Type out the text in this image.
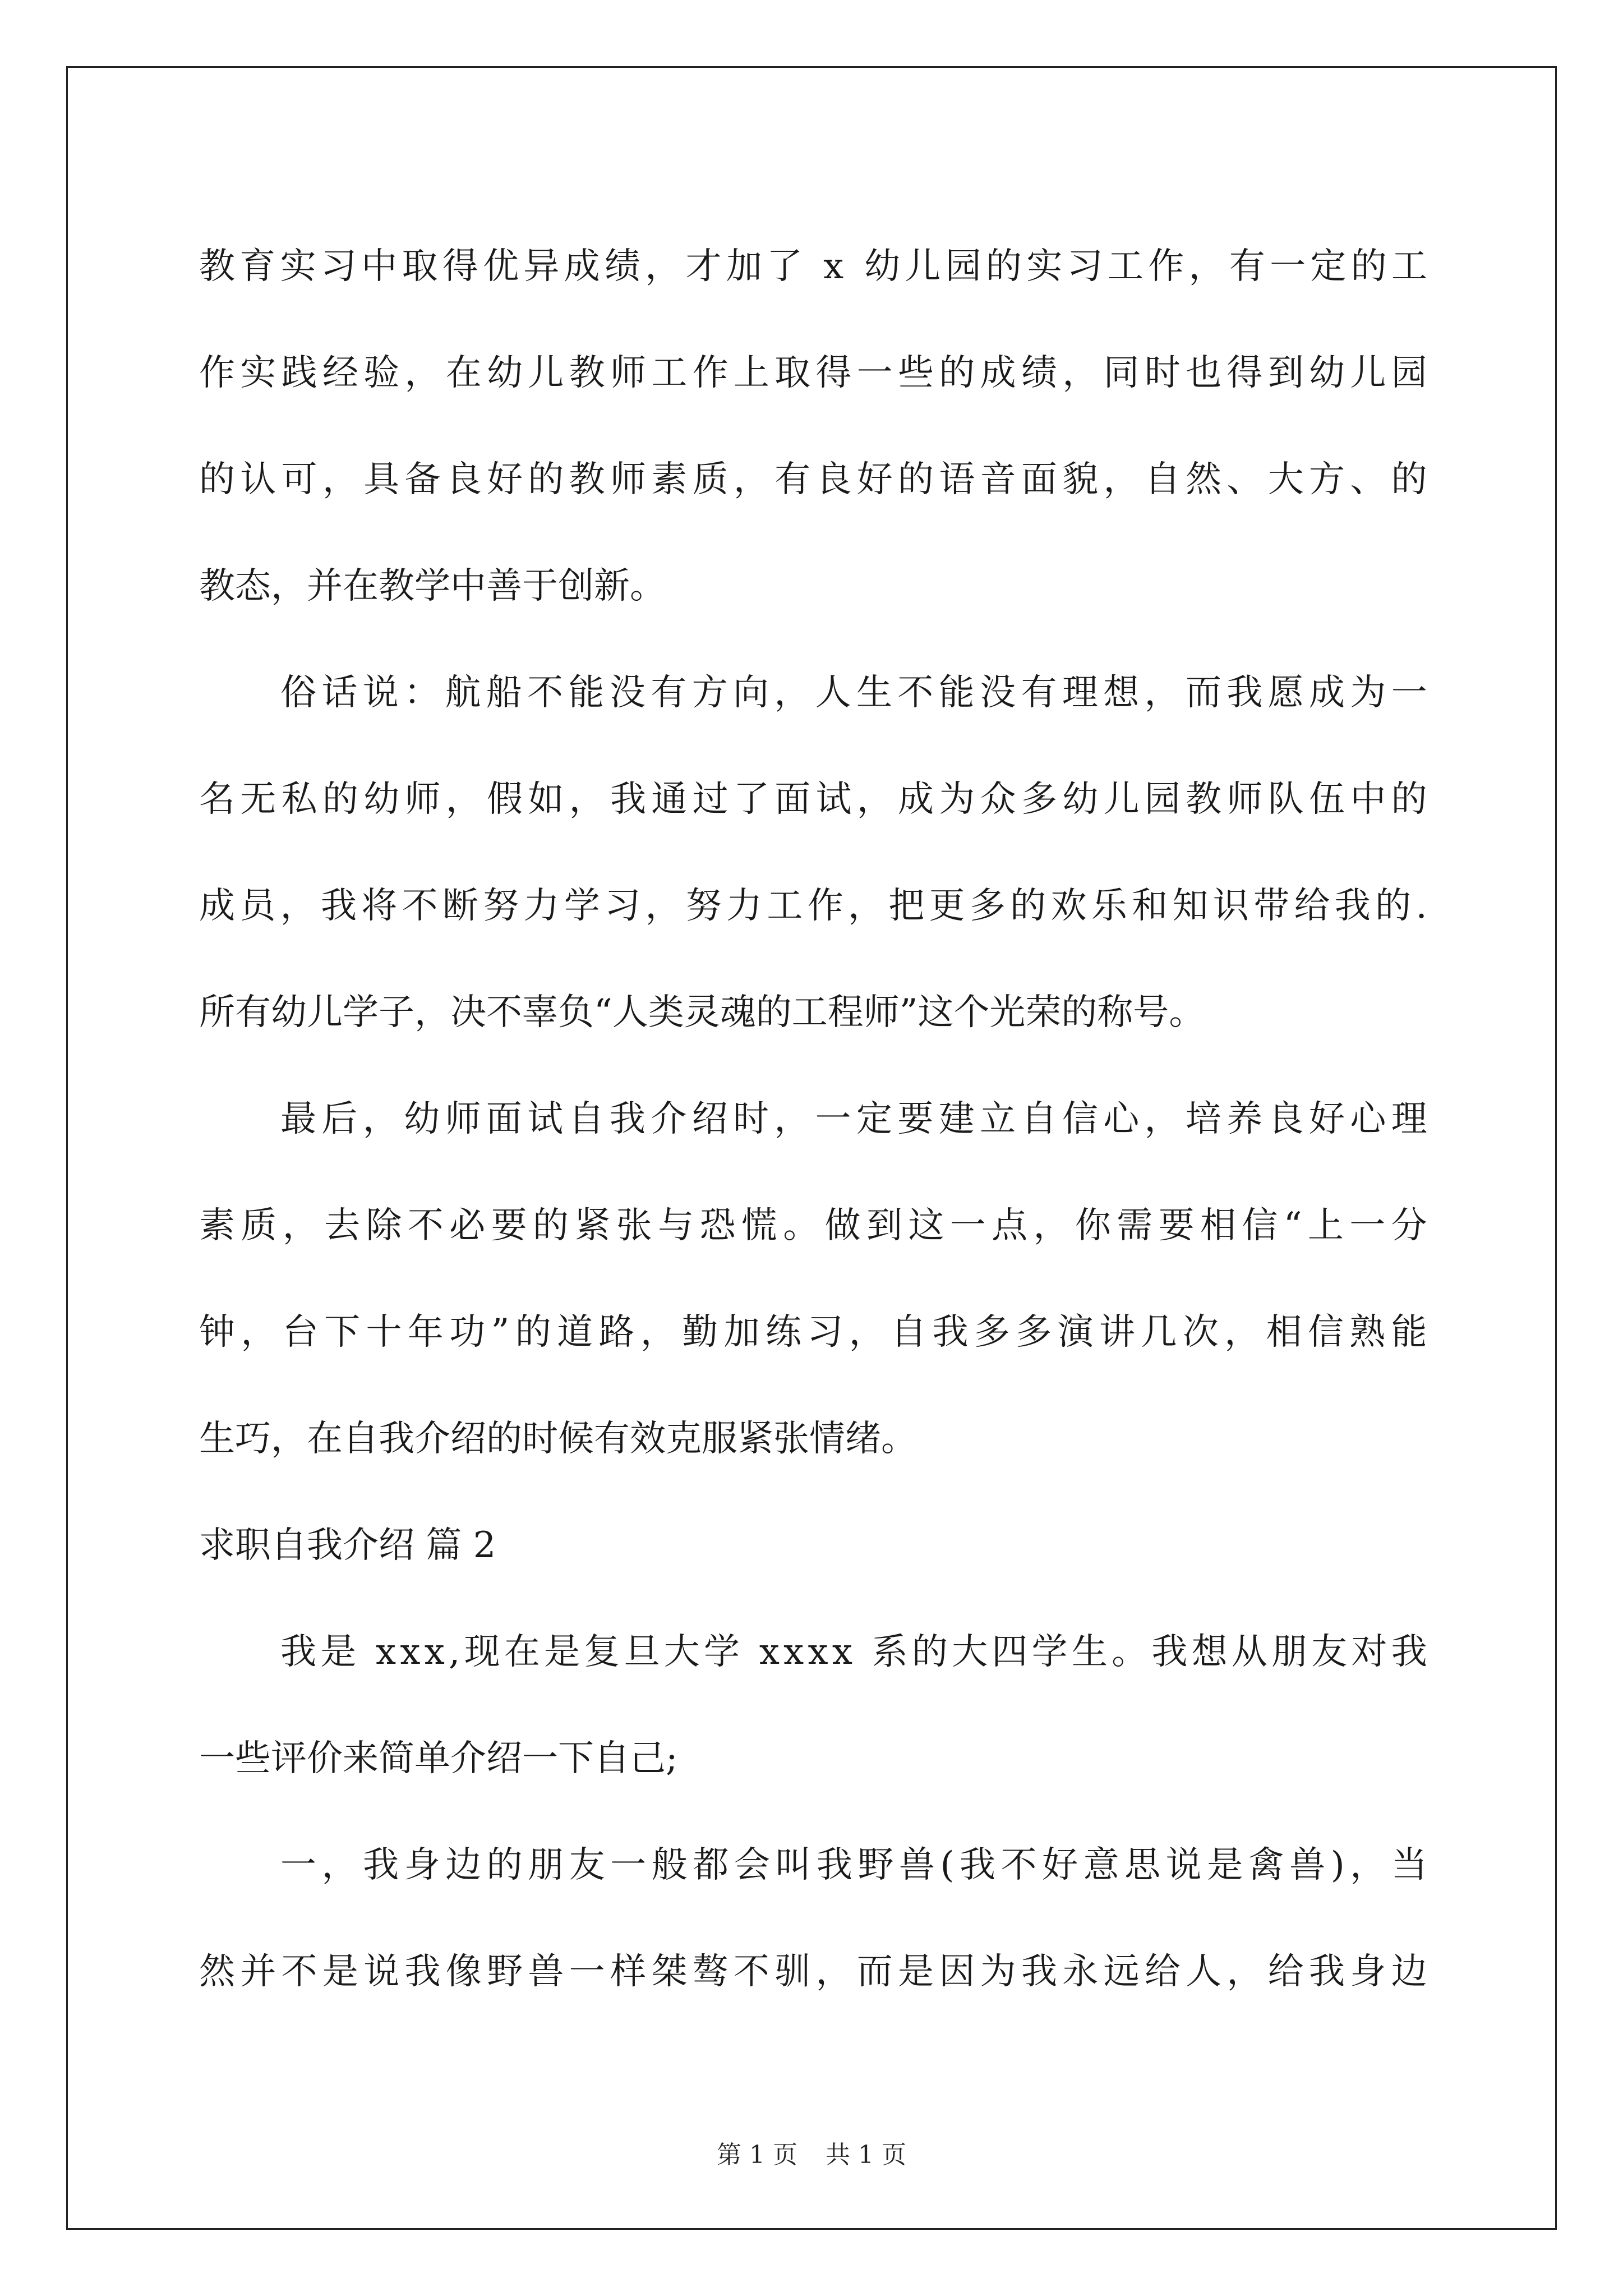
教 育 实 习 中 取 得 优 异 成 绩 ， 才 加 了
x
幼 儿 园 的 实 习 工 作 ， 有 一 定 的 工
作 实 践 经 验 ， 在 幼 儿 教 师 工 作 上 取 得 一 些 的 成 绩 ， 同 时 也 得 到 幼 儿 园
的 认 可 ， 具 备 良 好 的 教 师 素 质 ， 有 良 好 的 语 音 面 貌 ， 自 然 、 大 方 、 的
教态，并在教学中善于创新。
俗 话 说 ： 航 船 不 能 没 有 方 向 ， 人 生 不 能 没 有 理 想 ， 而 我 愿 成 为 一
名 无 私 的 幼 师 ， 假 如 ， 我 通 过 了 面 试 ， 成 为 众 多 幼 儿 园 教 师 队 伍 中 的
成 员 ， 我 将 不 断 努 力 学 习 ， 努 力 工 作 ， 把 更 多 的 欢 乐 和 知 识 带 给 我 的 .
所有幼儿学子，决不辜负“人类灵魂的工程师”这个光荣的称号。
最 后 ， 幼 师 面 试 自 我 介 绍 时 ， 一 定 要 建 立 自 信 心 ， 培 养 良 好 心 理
素 质 ， 去 除 不 必 要 的 紧 张 与 恐 慌 。 做 到 这 一 点 ， 你 需 要 相 信 “ 上 一 分
钟 ， 台 下 十 年 功 ” 的 道 路 ， 勤 加 练 习 ， 自 我 多 多 演 讲 几 次 ， 相 信 熟 能
生巧，在自我介绍的时候有效克服紧张情绪。
求职自我介绍 篇 2
我 是
x x x , 现 在 是 复 旦 大 学
x x x x
系 的 大 四 学 生 。 我 想 从 朋 友 对 我
一些评价来简单介绍一下自己;
一 ， 我 身 边 的 朋 友 一 般 都 会 叫 我 野 兽 ( 我 不 好 意 思 说 是 禽 兽 ) ， 当
然 并 不 是 说 我 像 野 兽 一 样 桀 骜 不 驯 ， 而 是 因 为 我 永 远 给 人 ， 给 我 身 边
第 1 页 共 1 页
